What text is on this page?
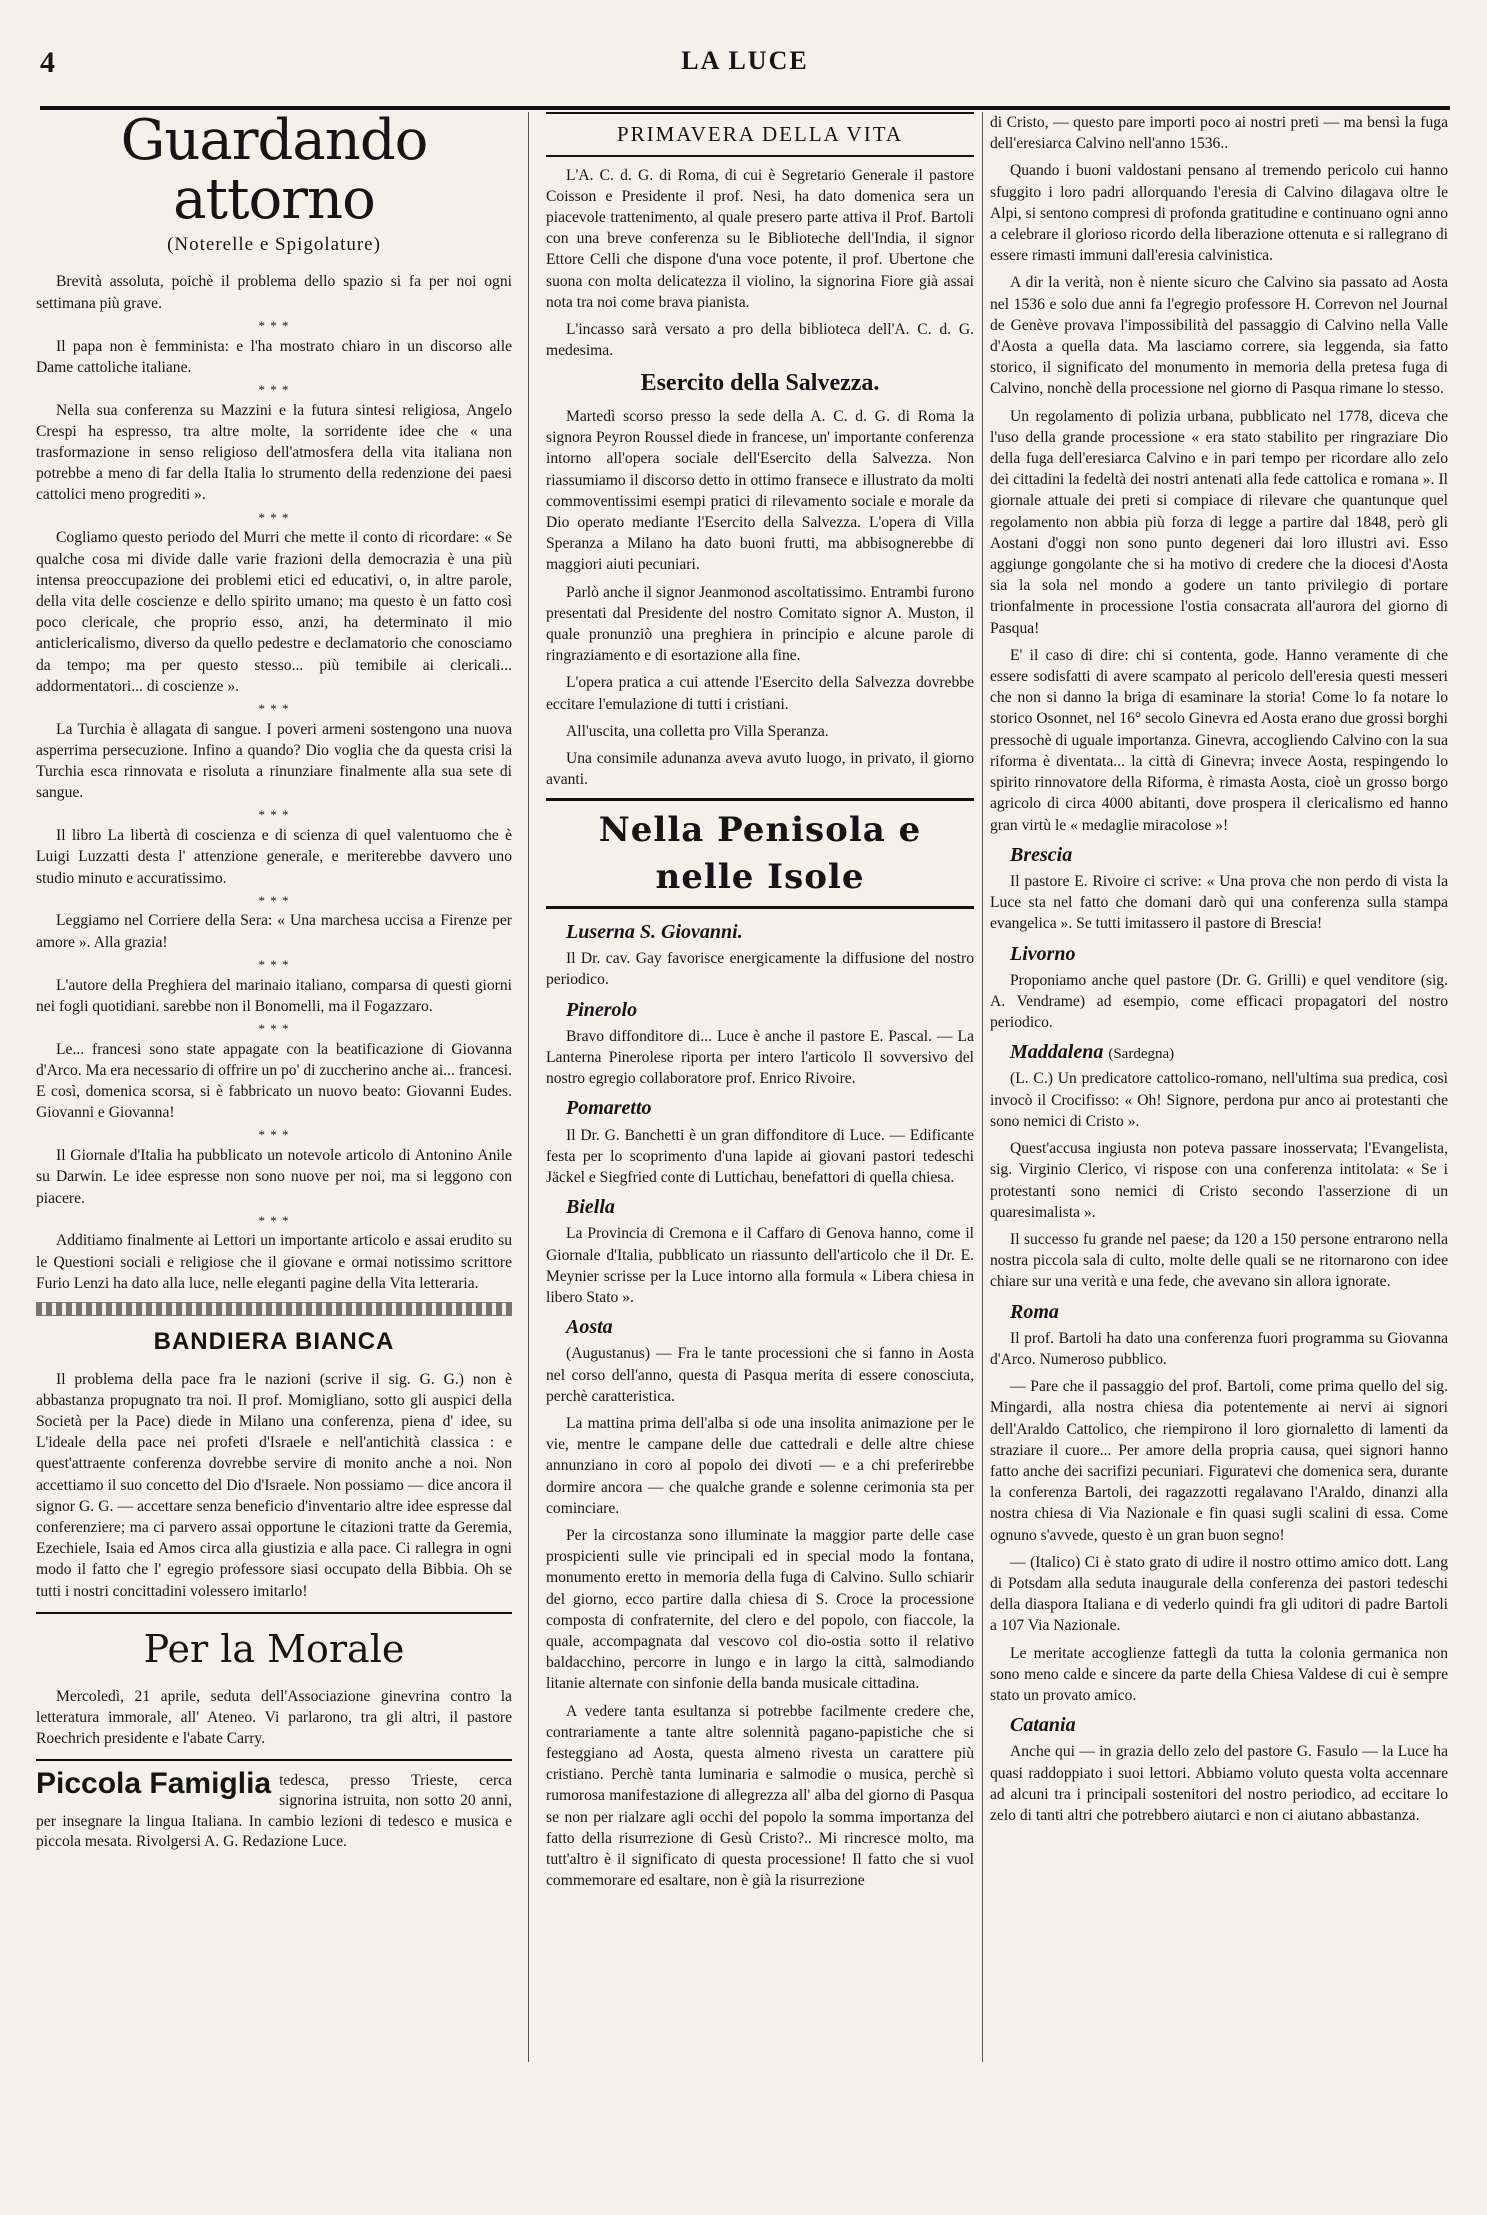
4	LA LUCE
Guardando attorno
(Noterelle e Spigolature)

Brevità assoluta, poichè il problema dello spazio si fa per noi ogni settimana più grave.

* * *

Il papa non è femminista: e l'ha mostrato chiaro in un discorso alle Dame cattoliche italiane.

* * *

Nella sua conferenza su Mazzini e la futura sintesi religiosa, Angelo Crespi ha espresso, tra altre molte, la sorridente idee che « una trasformazione in senso religioso dell'atmosfera della vita italiana non potrebbe a meno di far della Italia lo strumento della redenzione dei paesi cattolici meno progrediti ».

* * *

Cogliamo questo periodo del Murri che mette il conto di ricordare: « Se qualche cosa mi divide dalle varie frazioni della democrazia è una più intensa preoccupazione dei problemi etici ed educativi, o, in altre parole, della vita delle coscienze e dello spirito umano; ma questo è un fatto così poco clericale, che proprio esso, anzi, ha determinato il mio anticlericalismo, diverso da quello pedestre e declamatorio che conosciamo da tempo; ma per questo stesso... più temibile ai clericali... addormentatori... di coscienze ».

* * *

La Turchia è allagata di sangue. I poveri armeni sostengono una nuova asperrima persecuzione. Infino a quando? Dio voglia che da questa crisi la Turchia esca rinnovata e risoluta a rinunziare finalmente alla sua sete di sangue.

* * *

Il libro La libertà di coscienza e di scienza di quel valentuomo che è Luigi Luzzatti desta l' attenzione generale, e meriterebbe davvero uno studio minuto e accuratissimo.

* * *

Leggiamo nel Corriere della Sera: « Una marchesa uccisa a Firenze per amore ». Alla grazia!

* * *

L'autore della Preghiera del marinaio italiano, comparsa di questi giorni nei fogli quotidiani. sarebbe non il Bonomelli, ma il Fogazzaro.

* * *

Le... francesi sono state appagate con la beatificazione di Giovanna d'Arco. Ma era necessario di offrire un po' di zuccherino anche ai... francesi. E così, domenica scorsa, si è fabbricato un nuovo beato: Giovanni Eudes. Giovanni e Giovanna!

* * *

Il Giornale d'Italia ha pubblicato un notevole articolo di Antonino Anile su Darwin. Le idee espresse non sono nuove per noi, ma si leggono con piacere.

* * *

Additiamo finalmente ai Lettori un importante articolo e assai erudito su le Questioni sociali e religiose che il giovane e ormai notissimo scrittore Furio Lenzi ha dato alla luce, nelle eleganti pagine della Vita letteraria.

BANDIERA BIANCA

Il problema della pace fra le nazioni (scrive il sig. G. G.) non è abbastanza propugnato tra noi. Il prof. Momigliano, sotto gli auspici della Società per la Pace) diede in Milano una conferenza, piena d' idee, su L'ideale della pace nei profeti d'Israele e nell'antichità classica : e quest'attraente conferenza dovrebbe servire di monito anche a noi. Non accettiamo il suo concetto del Dio d'Israele. Non possiamo — dice ancora il signor G. G. — accettare senza beneficio d'inventario altre idee espresse dal conferenziere; ma ci parvero assai opportune le citazioni tratte da Geremia, Ezechiele, Isaia ed Amos circa alla giustizia e alla pace. Ci rallegra in ogni modo il fatto che l' egregio professore siasi occupato della Bibbia. Oh se tutti i nostri concittadini volessero imitarlo!

Per la Morale

Mercoledì, 21 aprile, seduta dell'Associazione ginevrina contro la letteratura immorale, all' Ateneo. Vi parlarono, tra gli altri, il pastore Roechrich presidente e l'abate Carry.

Piccola Famiglia tedesca, presso Trieste, cerca signorina istruita, non sotto 20 anni, per insegnare la lingua Italiana. In cambio lezioni di tedesco e musica e piccola mesata. Rivolgersi A. G. Redazione Luce.
PRIMAVERA DELLA VITA

L'A. C. d. G. di Roma, di cui è Segretario Generale il pastore Coisson e Presidente il prof. Nesi, ha dato domenica sera un piacevole trattenimento, al quale presero parte attiva il Prof. Bartoli con una breve conferenza su le Biblioteche dell'India, il signor Ettore Celli che dispone d'una voce potente, il prof. Ubertone che suona con molta delicatezza il violino, la signorina Fiore già assai nota tra noi come brava pianista.

L'incasso sarà versato a pro della biblioteca dell'A. C. d. G. medesima.

Esercito della Salvezza.

Martedì scorso presso la sede della A. C. d. G. di Roma la signora Peyron Roussel diede in francese, un' importante conferenza intorno all'opera sociale dell'Esercito della Salvezza. Non riassumiamo il discorso detto in ottimo fransece e illustrato da molti commoventissimi esempi pratici di rilevamento sociale e morale da Dio operato mediante l'Esercito della Salvezza. L'opera di Villa Speranza a Milano ha dato buoni frutti, ma abbisognerebbe di maggiori aiuti pecuniari.

Parlò anche il signor Jeanmonod ascoltatissimo. Entrambi furono presentati dal Presidente del nostro Comitato signor A. Muston, il quale pronunziò una preghiera in principio e alcune parole di ringraziamento e di esortazione alla fine.

L'opera pratica a cui attende l'Esercito della Salvezza dovrebbe eccitare l'emulazione di tutti i cristiani.

All'uscita, una colletta pro Villa Speranza.

Una consimile adunanza aveva avuto luogo, in privato, il giorno avanti.

Nella Penisola e nelle Isole
Luserna S. Giovanni.

Il Dr. cav. Gay favorisce energicamente la diffusione del nostro periodico.

Pinerolo

Bravo diffonditore di... Luce è anche il pastore E. Pascal. — La Lanterna Pinerolese riporta per intero l'articolo Il sovversivo del nostro egregio collaboratore prof. Enrico Rivoire.

Pomaretto

Il Dr. G. Banchetti è un gran diffonditore di Luce. — Edificante festa per lo scoprimento d'una lapide ai giovani pastori tedeschi Jäckel e Siegfried conte di Luttichau, benefattori di quella chiesa.

Biella

La Provincia di Cremona e il Caffaro di Genova hanno, come il Giornale d'Italia, pubblicato un riassunto dell'articolo che il Dr. E. Meynier scrisse per la Luce intorno alla formula « Libera chiesa in libero Stato ».

Aosta

(Augustanus) — Fra le tante processioni che si fanno in Aosta nel corso dell'anno, questa di Pasqua merita di essere conosciuta, perchè caratteristica.

La mattina prima dell'alba si ode una insolita animazione per le vie, mentre le campane delle due cattedrali e delle altre chiese annunziano in coro al popolo dei divoti — e a chi preferirebbe dormire ancora — che qualche grande e solenne cerimonia sta per cominciare.

Per la circostanza sono illuminate la maggior parte delle case prospicienti sulle vie principali ed in special modo la fontana, monumento eretto in memoria della fuga di Calvino. Sullo schiarir del giorno, ecco partire dalla chiesa di S. Croce la processione composta di confraternite, del clero e del popolo, con fiaccole, la quale, accompagnata dal vescovo col dio-ostia sotto il relativo baldacchino, percorre in lungo e in largo la città, salmodiando litanie alternate con sinfonie della banda musicale cittadina.

A vedere tanta esultanza si potrebbe facilmente credere che, contrariamente a tante altre solennità pagano-papistiche che si festeggiano ad Aosta, questa almeno rivesta un carattere più cristiano. Perchè tanta luminaria e salmodie o musica, perchè sì rumorosa manifestazione di allegrezza all' alba del giorno di Pasqua se non per rialzare agli occhi del popolo la somma importanza del fatto della risurrezione di Gesù Cristo?.. Mi rincresce molto, ma tutt'altro è il significato di questa processione! Il fatto che si vuol commemorare ed esaltare, non è già la risurrezione

di Cristo, — questo pare importi poco ai nostri preti — ma bensì la fuga dell'eresiarca Calvino nell'anno 1536..

Quando i buoni valdostani pensano al tremendo pericolo cui hanno sfuggito i loro padri allorquando l'eresia di Calvino dilagava oltre le Alpi, si sentono compresi di profonda gratitudine e continuano ogni anno a celebrare il glorioso ricordo della liberazione ottenuta e si rallegrano di essere rimasti immuni dall'eresia calvinistica.

A dir la verità, non è niente sicuro che Calvino sia passato ad Aosta nel 1536 e solo due anni fa l'egregio professore H. Correvon nel Journal de Genève provava l'impossibilità del passaggio di Calvino nella Valle d'Aosta a quella data. Ma lasciamo correre, sia leggenda, sia fatto storico, il significato del monumento in memoria della pretesa fuga di Calvino, nonchè della processione nel giorno di Pasqua rimane lo stesso.

Un regolamento di polizia urbana, pubblicato nel 1778, diceva che l'uso della grande processione « era stato stabilito per ringraziare Dio della fuga dell'eresiarca Calvino e in pari tempo per ricordare allo zelo dei cittadini la fedeltà dei nostri antenati alla fede cattolica e romana ». Il giornale attuale dei preti si compiace di rilevare che quantunque quel regolamento non abbia più forza di legge a partire dal 1848, però gli Aostani d'oggi non sono punto degeneri dai loro illustri avi. Esso aggiunge gongolante che si ha motivo di credere che la diocesi d'Aosta sia la sola nel mondo a godere un tanto privilegio di portare trionfalmente in processione l'ostia consacrata all'aurora del giorno di Pasqua!

E' il caso di dire: chi si contenta, gode. Hanno veramente di che essere sodisfatti di avere scampato al pericolo dell'eresia questi messeri che non si danno la briga di esaminare la storia! Come lo fa notare lo storico Osonnet, nel 16° secolo Ginevra ed Aosta erano due grossi borghi pressochè di uguale importanza. Ginevra, accogliendo Calvino con la sua riforma è diventata... la città di Ginevra; invece Aosta, respingendo lo spirito rinnovatore della Riforma, è rimasta Aosta, cioè un grosso borgo agricolo di circa 4000 abitanti, dove prospera il clericalismo ed hanno gran virtù le « medaglie miracolose »!

Brescia

Il pastore E. Rivoire ci scrive: « Una prova che non perdo di vista la Luce sta nel fatto che domani darò qui una conferenza sulla stampa evangelica ». Se tutti imitassero il pastore di Brescia!

Livorno

Proponiamo anche quel pastore (Dr. G. Grilli) e quel venditore (sig. A. Vendrame) ad esempio, come efficaci propagatori del nostro periodico.

Maddalena (Sardegna)

(L. C.) Un predicatore cattolico-romano, nell'ultima sua predica, così invocò il Crocifisso: « Oh! Signore, perdona pur anco ai protestanti che sono nemici di Cristo ».

Quest'accusa ingiusta non poteva passare inosservata; l'Evangelista, sig. Virginio Clerico, vi rispose con una conferenza intitolata: « Se i protestanti sono nemici di Cristo secondo l'asserzione di un quaresimalista ».

Il successo fu grande nel paese; da 120 a 150 persone entrarono nella nostra piccola sala di culto, molte delle quali se ne ritornarono con idee chiare sur una verità e una fede, che avevano sin allora ignorate.

Roma

Il prof. Bartoli ha dato una conferenza fuori programma su Giovanna d'Arco. Numeroso pubblico.

— Pare che il passaggio del prof. Bartoli, come prima quello del sig. Mingardi, alla nostra chiesa dia potentemente ai nervi ai signori dell'Araldo Cattolico, che riempirono il loro giornaletto di lamenti da straziare il cuore... Per amore della propria causa, quei signori hanno fatto anche dei sacrifizi pecuniari. Figuratevi che domenica sera, durante la conferenza Bartoli, dei ragazzotti regalavano l'Araldo, dinanzi alla nostra chiesa di Via Nazionale e fin quasi sugli scalini di essa. Come ognuno s'avvede, questo è un gran buon segno!

— (Italico) Ci è stato grato di udire il nostro ottimo amico dott. Lang di Potsdam alla seduta inaugurale della conferenza dei pastori tedeschi della diaspora Italiana e di vederlo quindi fra gli uditori di padre Bartoli a 107 Via Nazionale.

Le meritate accoglienze fatteglì da tutta la colonia germanica non sono meno calde e sincere da parte della Chiesa Valdese di cui è sempre stato un provato amico.

Catania

Anche qui — in grazia dello zelo del pastore G. Fasulo — la Luce ha quasi raddoppiato i suoi lettori. Abbiamo voluto questa volta accennare ad alcuni tra i principali sostenitori del nostro periodico, ad eccitare lo zelo di tanti altri che potrebbero aiutarci e non ci aiutano abbastanza.
